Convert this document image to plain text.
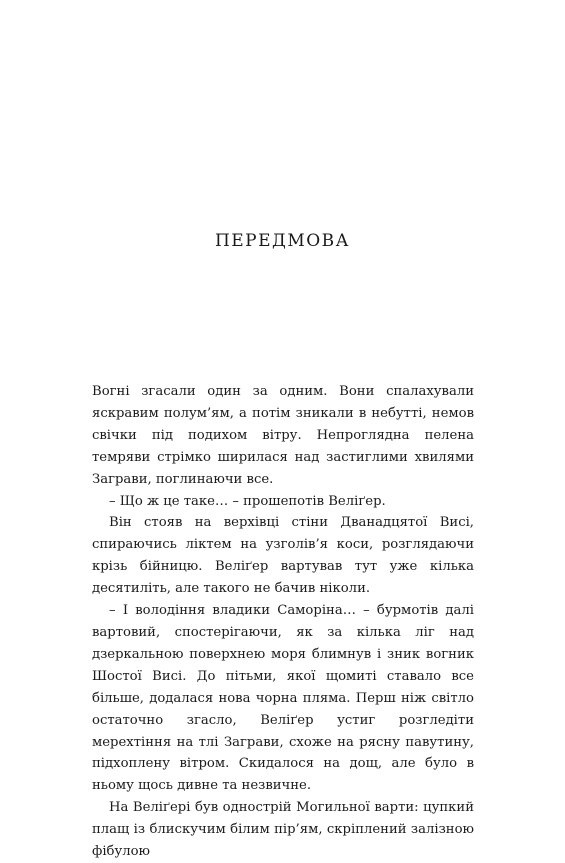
ПЕРЕДМОВА

Вогні згасали один за одним. Вони спалахували яскравим полум’ям, а потім зникали в небутті, немов свічки під подихом вітру. Непроглядна пелена темряви стрімко ширилася над застиглими хвилями Заграви, поглинаючи все.

– Що ж це таке… – прошепотів Веліґер.

Він стояв на верхівці стіни Дванадцятої Висі, спираючись ліктем на узголів’я коси, розглядаючи крізь бійницю. Веліґер вартував тут уже кілька десятиліть, але такого не бачив ніколи.

– І володіння владики Саморіна… – бурмотів далі вартовий, спостерігаючи, як за кілька ліг над дзеркальною поверхнею моря блимнув і зник вогник Шостої Висі. До пітьми, якої щомиті ставало все більше, додалася нова чорна пляма. Перш ніж світло остаточно згасло, Веліґер устиг розгледіти мерехтіння на тлі Заграви, схоже на рясну павутину, підхоплену вітром. Скидалося на дощ, але було в ньому щось дивне та незвичне.

На Веліґері був однострій Могильної варти: цупкий плащ із блискучим білим пір’ям, скріплений залізною фібулою
